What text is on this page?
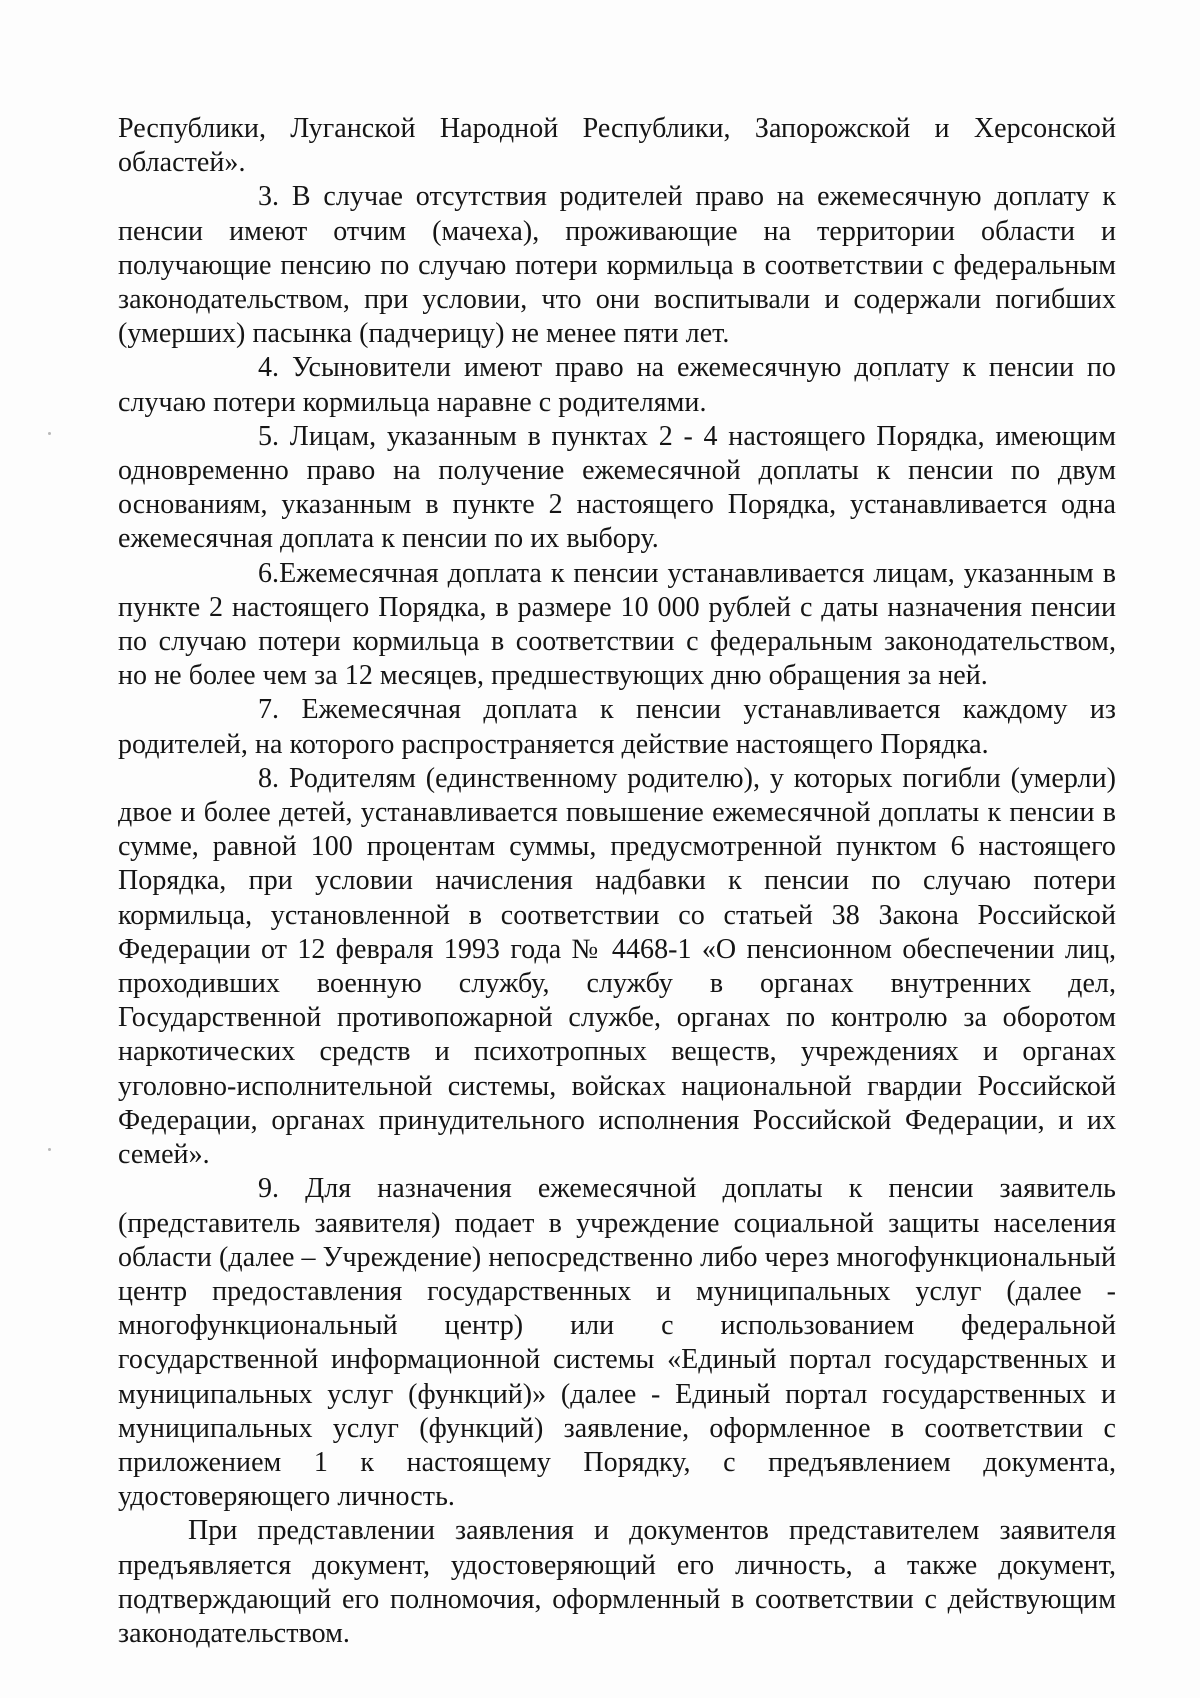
Республики, Луганской Народной Республики, Запорожской и Херсонской областей».

3. В случае отсутствия родителей право на ежемесячную доплату к пенсии имеют отчим (мачеха), проживающие на территории области и получающие пенсию по случаю потери кормильца в соответствии с федеральным законодательством, при условии, что они воспитывали и содержали погибших (умерших) пасынка (падчерицу) не менее пяти лет.

4. Усыновители имеют право на ежемесячную доплату к пенсии по случаю потери кормильца наравне с родителями.

5. Лицам, указанным в пунктах 2 - 4 настоящего Порядка, имеющим одновременно право на получение ежемесячной доплаты к пенсии по двум основаниям, указанным в пункте 2 настоящего Порядка, устанавливается одна ежемесячная доплата к пенсии по их выбору.

6.Ежемесячная доплата к пенсии устанавливается лицам, указанным в пункте 2 настоящего Порядка, в размере 10 000 рублей с даты назначения пенсии по случаю потери кормильца в соответствии с федеральным законодательством, но не более чем за 12 месяцев, предшествующих дню обращения за ней.

7. Ежемесячная доплата к пенсии устанавливается каждому из родителей, на которого распространяется действие настоящего Порядка.

8. Родителям (единственному родителю), у которых погибли (умерли) двое и более детей, устанавливается повышение ежемесячной доплаты к пенсии в сумме, равной 100 процентам суммы, предусмотренной пунктом 6 настоящего Порядка, при условии начисления надбавки к пенсии по случаю потери кормильца, установленной в соответствии со статьей 38 Закона Российской Федерации от 12 февраля 1993 года № 4468-1 «О пенсионном обеспечении лиц, проходивших военную службу, службу в органах внутренних дел, Государственной противопожарной службе, органах по контролю за оборотом наркотических средств и психотропных веществ, учреждениях и органах уголовно-исполнительной системы, войсках национальной гвардии Российской Федерации, органах принудительного исполнения Российской Федерации, и их семей».

9. Для назначения ежемесячной доплаты к пенсии заявитель (представитель заявителя) подает в учреждение социальной защиты населения области (далее – Учреждение) непосредственно либо через многофункциональный центр предоставления государственных и муниципальных услуг (далее - многофункциональный центр) или с использованием федеральной государственной информационной системы «Единый портал государственных и муниципальных услуг (функций)» (далее - Единый портал государственных и муниципальных услуг (функций) заявление, оформленное в соответствии с приложением 1 к настоящему Порядку, с предъявлением документа, удостоверяющего личность.

При представлении заявления и документов представителем заявителя предъявляется документ, удостоверяющий его личность, а также документ, подтверждающий его полномочия, оформленный в соответствии с действующим законодательством.
